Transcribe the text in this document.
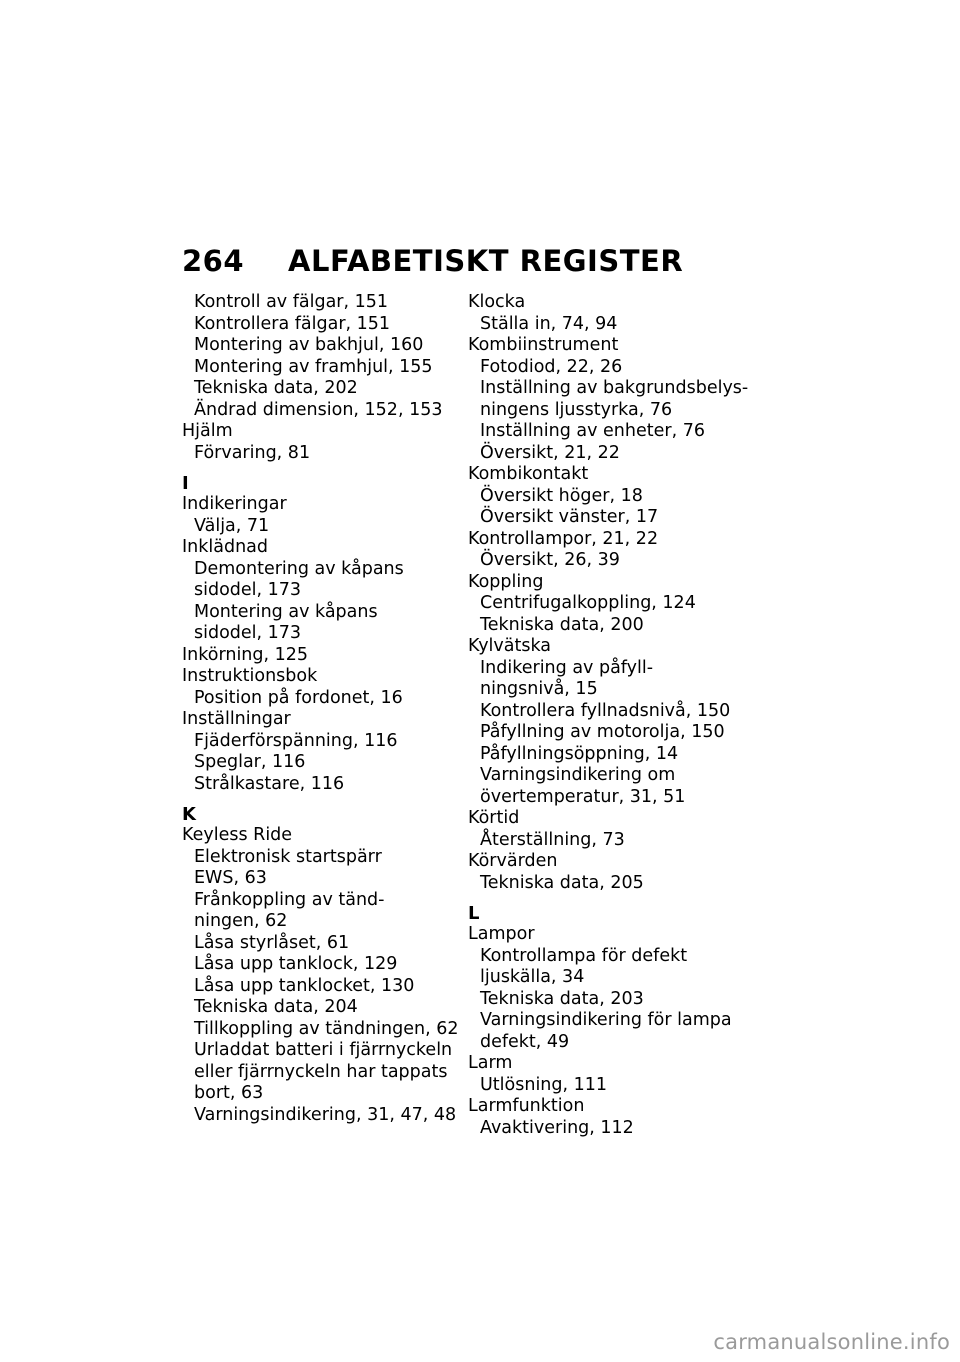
264 ALFABETISKT REGISTER
Kontroll av fälgar, 151
Kontrollera fälgar, 151
Montering av bakhjul, 160
Montering av framhjul, 155
Tekniska data, 202
Ändrad dimension, 152, 153
Hjälm
Förvaring, 81
I
Indikeringar
Välja, 71
Inklädnad
Demontering av kåpans
sidodel, 173
Montering av kåpans
sidodel, 173
Inkörning, 125
Instruktionsbok
Position på fordonet, 16
Inställningar
Fjäderförspänning, 116
Speglar, 116
Strålkastare, 116
K
Keyless Ride
Elektronisk startspärr
EWS, 63
Frånkoppling av tänd-
ningen, 62
Låsa styrlåset, 61
Låsa upp tanklock, 129
Låsa upp tanklocket, 130
Tekniska data, 204
Tillkoppling av tändningen, 62
Urladdat batteri i fjärrnyckeln
eller fjärrnyckeln har tappats
bort, 63
Varningsindikering, 31, 47, 48
Klocka
Ställa in, 74, 94
Kombiinstrument
Fotodiod, 22, 26
Inställning av bakgrundsbelys-
ningens ljusstyrka, 76
Inställning av enheter, 76
Översikt, 21, 22
Kombikontakt
Översikt höger, 18
Översikt vänster, 17
Kontrollampor, 21, 22
Översikt, 26, 39
Koppling
Centrifugalkoppling, 124
Tekniska data, 200
Kylvätska
Indikering av påfyll-
ningsnivå, 15
Kontrollera fyllnadsnivå, 150
Påfyllning av motorolja, 150
Påfyllningsöppning, 14
Varningsindikering om
övertemperatur, 31, 51
Körtid
Återställning, 73
Körvärden
Tekniska data, 205
L
Lampor
Kontrollampa för defekt
ljuskälla, 34
Tekniska data, 203
Varningsindikering för lampa
defekt, 49
Larm
Utlösning, 111
Larmfunktion
Avaktivering, 112
carmanualsonline.info
